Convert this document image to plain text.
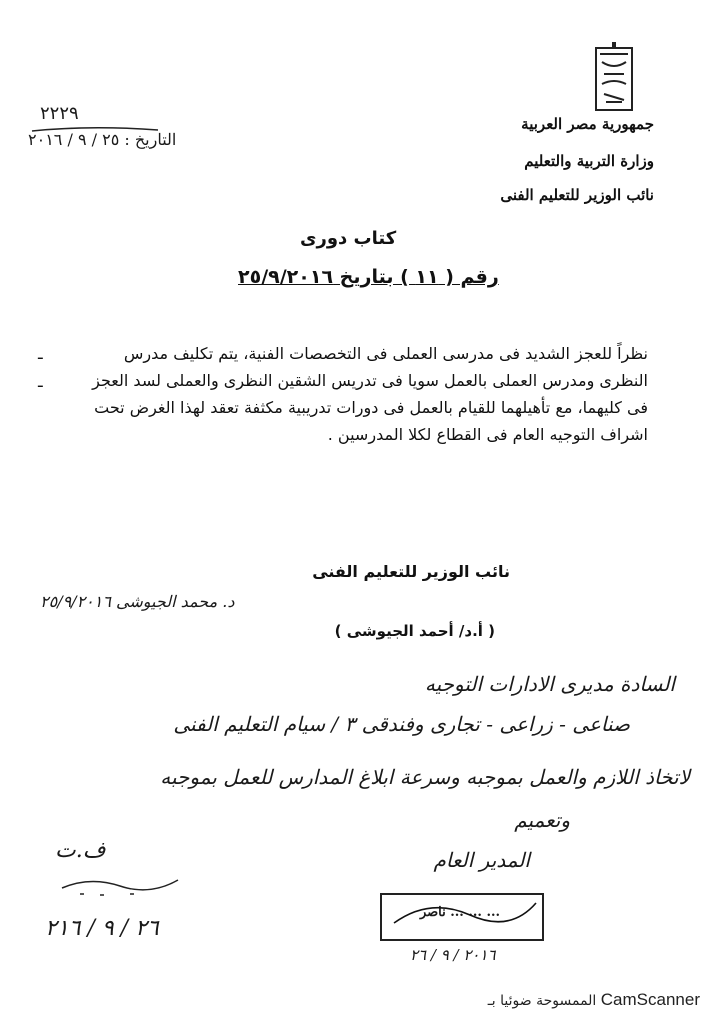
جمهورية مصر العربية
وزارة التربية والتعليم
نائب الوزير للتعليم الفنى
٢٢٢٩
التاريخ : ٢٥ / ٩ / ٢٠١٦
كتاب دورى
رقم ( ١١ ) بتاريخ ٢٥/٩/٢٠١٦
نظراً للعجز الشديد فى مدرسى العملى فى التخصصات الفنية، يتم تكليف مدرس النظرى ومدرس العملى بالعمل سويا فى تدريس الشقين النظرى والعملى لسد العجز فى كليهما، مع تأهيلهما للقيام بالعمل فى دورات تدريبية مكثفة تعقد لهذا الغرض تحت اشراف التوجيه العام فى القطاع لكلا المدرسين .
ـ
ـ
نائب الوزير للتعليم الفنى
د. محمد الجيوشى ٢٥/٩/٢٠١٦
( أ.د/ أحمد الجيوشى )
السادة مديرى الادارات التوجيه
صناعى - زراعى - تجارى وفندقى ٣ / سيام التعليم الفنى
لاتخاذ اللازم والعمل بموجبه وسرعة ابلاغ المدارس للعمل بموجبه
وتعميم
المدير العام
ف.ت
٢٦ / ٩ / ٢١٦
ناصر ... ... ...
٢٠١٦ / ٩ / ٢٦
الممسوحة ضوئيا بـ CamScanner
